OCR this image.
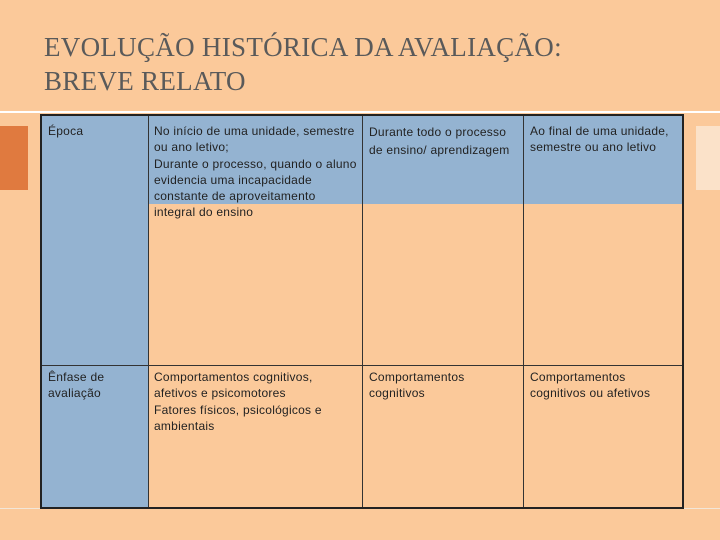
EVOLUÇÃO HISTÓRICA DA AVALIAÇÃO:
BREVE RELATO
Época	No início de uma unidade, semestre ou ano letivo;

Durante o processo, quando o aluno evidencia uma incapacidade constante de aproveitamento integral do ensino

Durante todo o processo de ensino/ aprendizagem

Ao final de uma unidade, semestre ou ano letivo

Ênfase de avaliação

Comportamentos cognitivos, afetivos e psicomotores

Fatores físicos, psicológicos e ambientais

Comportamentos cognitivos

Comportamentos cognitivos ou afetivos
